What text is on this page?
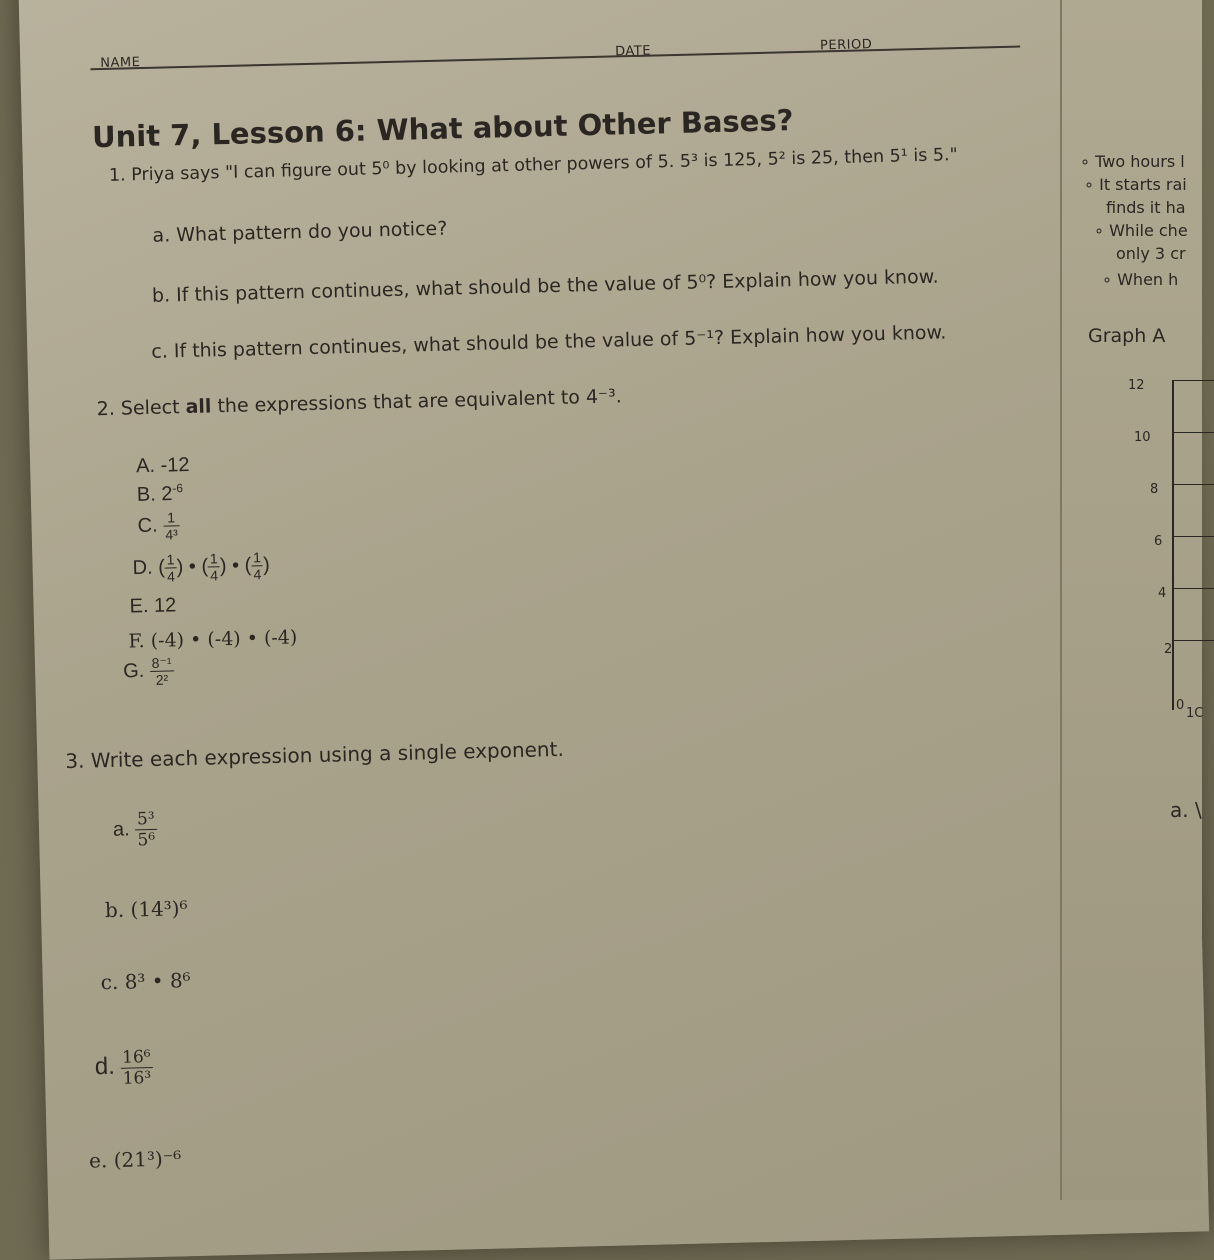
NAME
DATE	PERIOD
Unit 7, Lesson 6: What about Other Bases?
1. Priya says "I can figure out 5⁰ by looking at other powers of 5. 5³ is 125, 5² is 25, then 5¹ is 5."
a. What pattern do you notice?
b. If this pattern continues, what should be the value of 5⁰? Explain how you know.
c. If this pattern continues, what should be the value of 5⁻¹? Explain how you know.
2. Select all the expressions that are equivalent to 4⁻³.
A. -12
B. $2^{-6}$
C. $\frac{1}{\text{4³}}$
D. ( $\frac{1}{4}$ ) • ( $\frac{1}{4}$ ) • ( $\frac{1}{4}$ )
E. 12
F. (-4) • (-4) • (-4)
G. $\frac{\text{8⁻¹}}{\text{2²}}$
3. Write each expression using a single exponent.
a. $\frac{\text{5³}}{\text{5⁶}}$
b. (14³)⁶
c. 8³ • 8⁶
d. $\frac{\text{16⁶}}{\text{16³}}$
e. (21³)⁻⁶
∘ Two hours l
∘ It starts rai
finds it ha
∘ While che
only 3 cr
∘ When h
Graph A
12
10
8
6
4
2
0
1C
a. \
